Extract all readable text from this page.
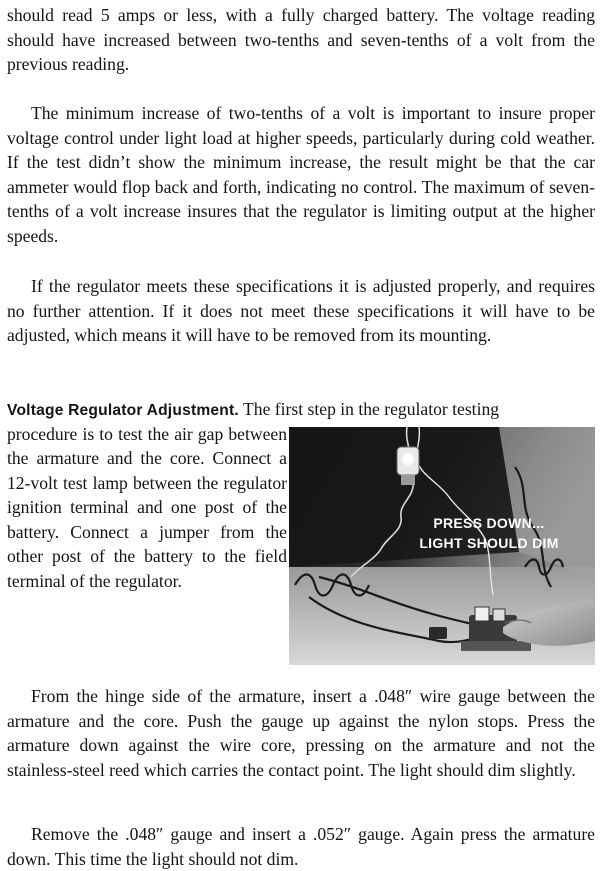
should read 5 amps or less, with a fully charged battery. The voltage reading should have increased between two-tenths and seven-tenths of a volt from the previous reading.

The minimum increase of two-tenths of a volt is important to insure proper voltage control under light load at higher speeds, particularly during cold weather. If the test didn’t show the minimum increase, the result might be that the car ammeter would flop back and forth, indicating no control. The maximum of seven-tenths of a volt increase insures that the regulator is limiting output at the higher speeds.

If the regulator meets these specifications it is adjusted properly, and requires no further attention. If it does not meet these specifications it will have to be adjusted, which means it will have to be removed from its mounting.

Voltage Regulator Adjustment. The first step in the regulator testing

procedure is to test the air gap between the armature and the core. Connect a 12-volt test lamp between the regulator ignition terminal and one post of the battery. Connect a jumper from the other post of the battery to the field terminal of the regulator.

PRESS DOWN...
LIGHT SHOULD DIM

From the hinge side of the armature, insert a .048″ wire gauge between the armature and the core. Push the gauge up against the nylon stops. Press the armature down against the wire core, pressing on the armature and not the stainless-steel reed which carries the contact point. The light should dim slightly.

Remove the .048″ gauge and insert a .052″ gauge. Again press the armature down. This time the light should not dim.
